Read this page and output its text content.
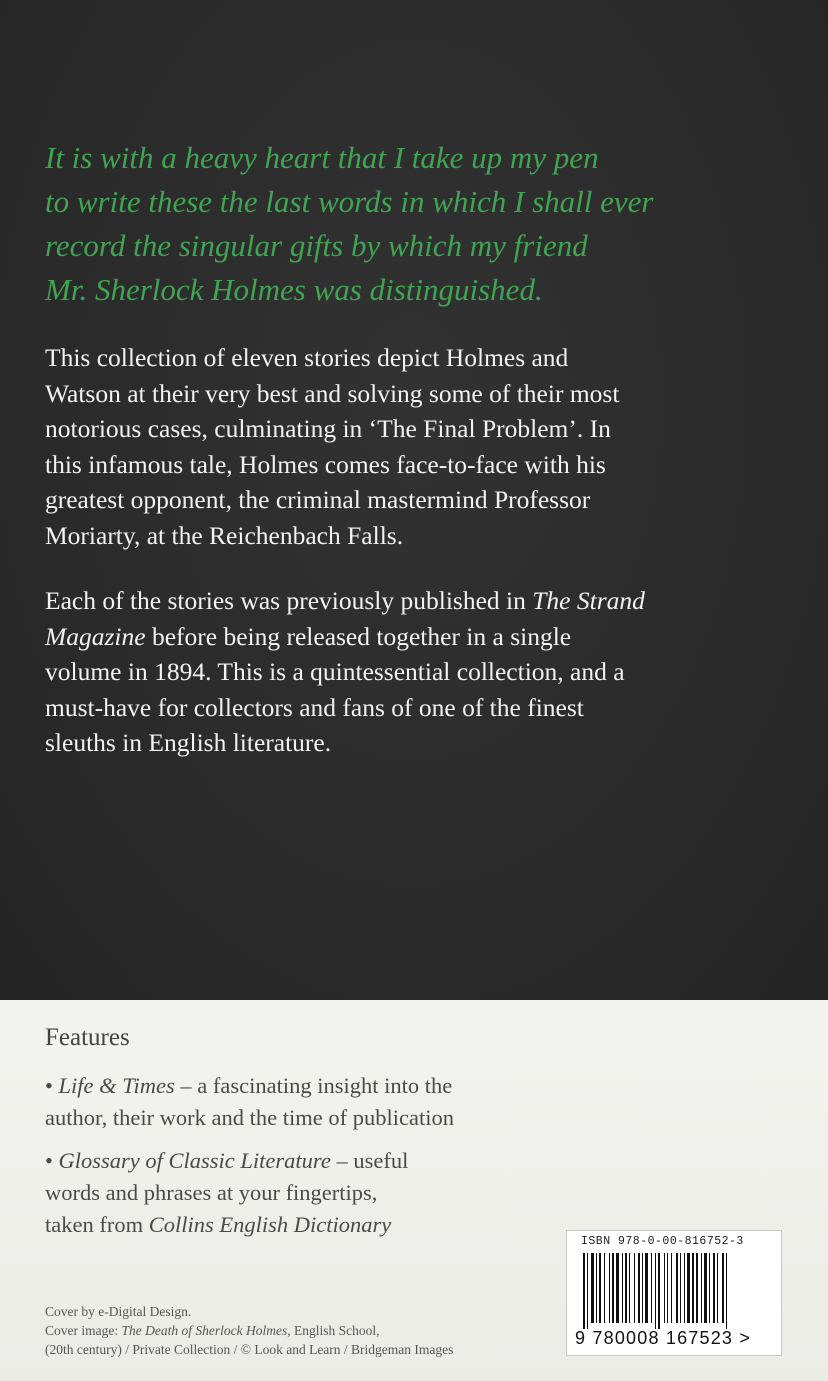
It is with a heavy heart that I take up my pen
to write these the last words in which I shall ever
record the singular gifts by which my friend
Mr. Sherlock Holmes was distinguished.
This collection of eleven stories depict Holmes and
Watson at their very best and solving some of their most
notorious cases, culminating in ‘The Final Problem’. In
this infamous tale, Holmes comes face-to-face with his
greatest opponent, the criminal mastermind Professor
Moriarty, at the Reichenbach Falls.
Each of the stories was previously published in The Strand
Magazine before being released together in a single
volume in 1894. This is a quintessential collection, and a
must-have for collectors and fans of one of the finest
sleuths in English literature.
Features
• Life & Times – a fascinating insight into the
author, their work and the time of publication
• Glossary of Classic Literature – useful
words and phrases at your fingertips,
taken from Collins English Dictionary
Cover by e-Digital Design.
Cover image: The Death of Sherlock Holmes, English School,
(20th century) / Private Collection / © Look and Learn / Bridgeman Images
ISBN 978-0-00-816752-3
9 780008 167523 >
